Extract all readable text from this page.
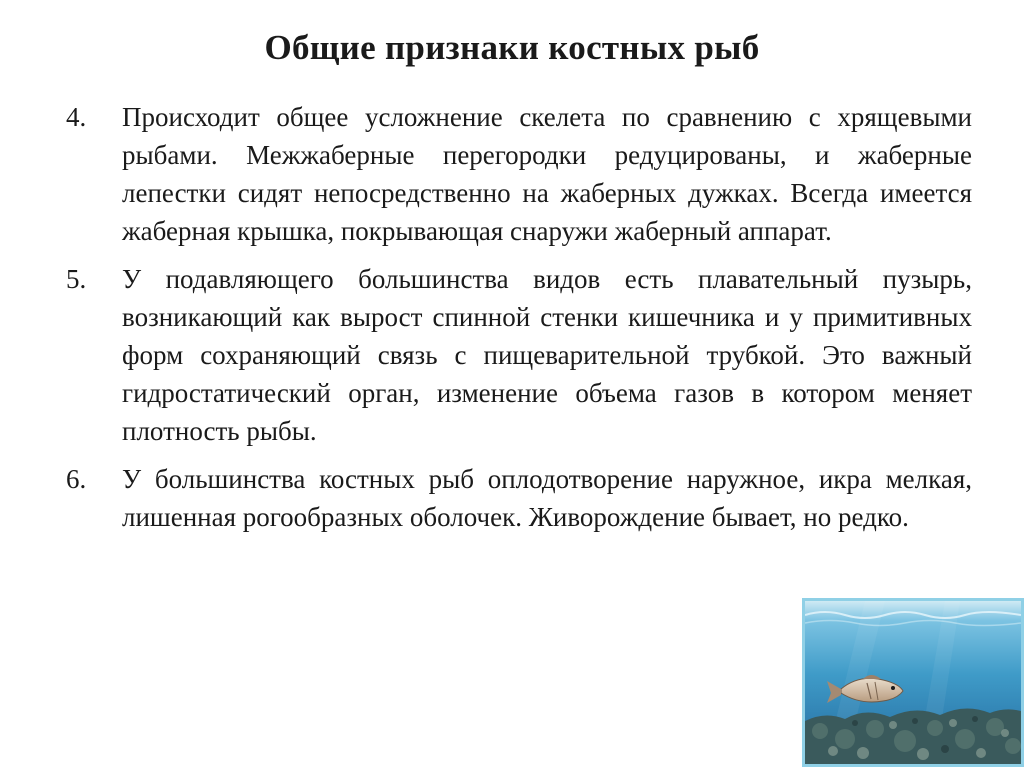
Общие признаки костных рыб
4. Происходит общее усложнение скелета по сравнению с хрящевыми рыбами. Межжаберные перегородки редуцированы, и жаберные лепестки сидят непосредственно на жаберных дужках. Всегда имеется жаберная крышка, покрывающая снаружи жаберный аппарат.
5. У подавляющего большинства видов есть плавательный пузырь, возникающий как вырост спинной стенки кишечника и у примитивных форм сохраняющий связь с пищеварительной трубкой. Это важный гидростатический орган, изменение объема газов в котором меняет плотность рыбы.
6. У большинства костных рыб оплодотворение наружное, икра мелкая, лишенная рогообразных оболочек. Живорождение бывает, но редко.
